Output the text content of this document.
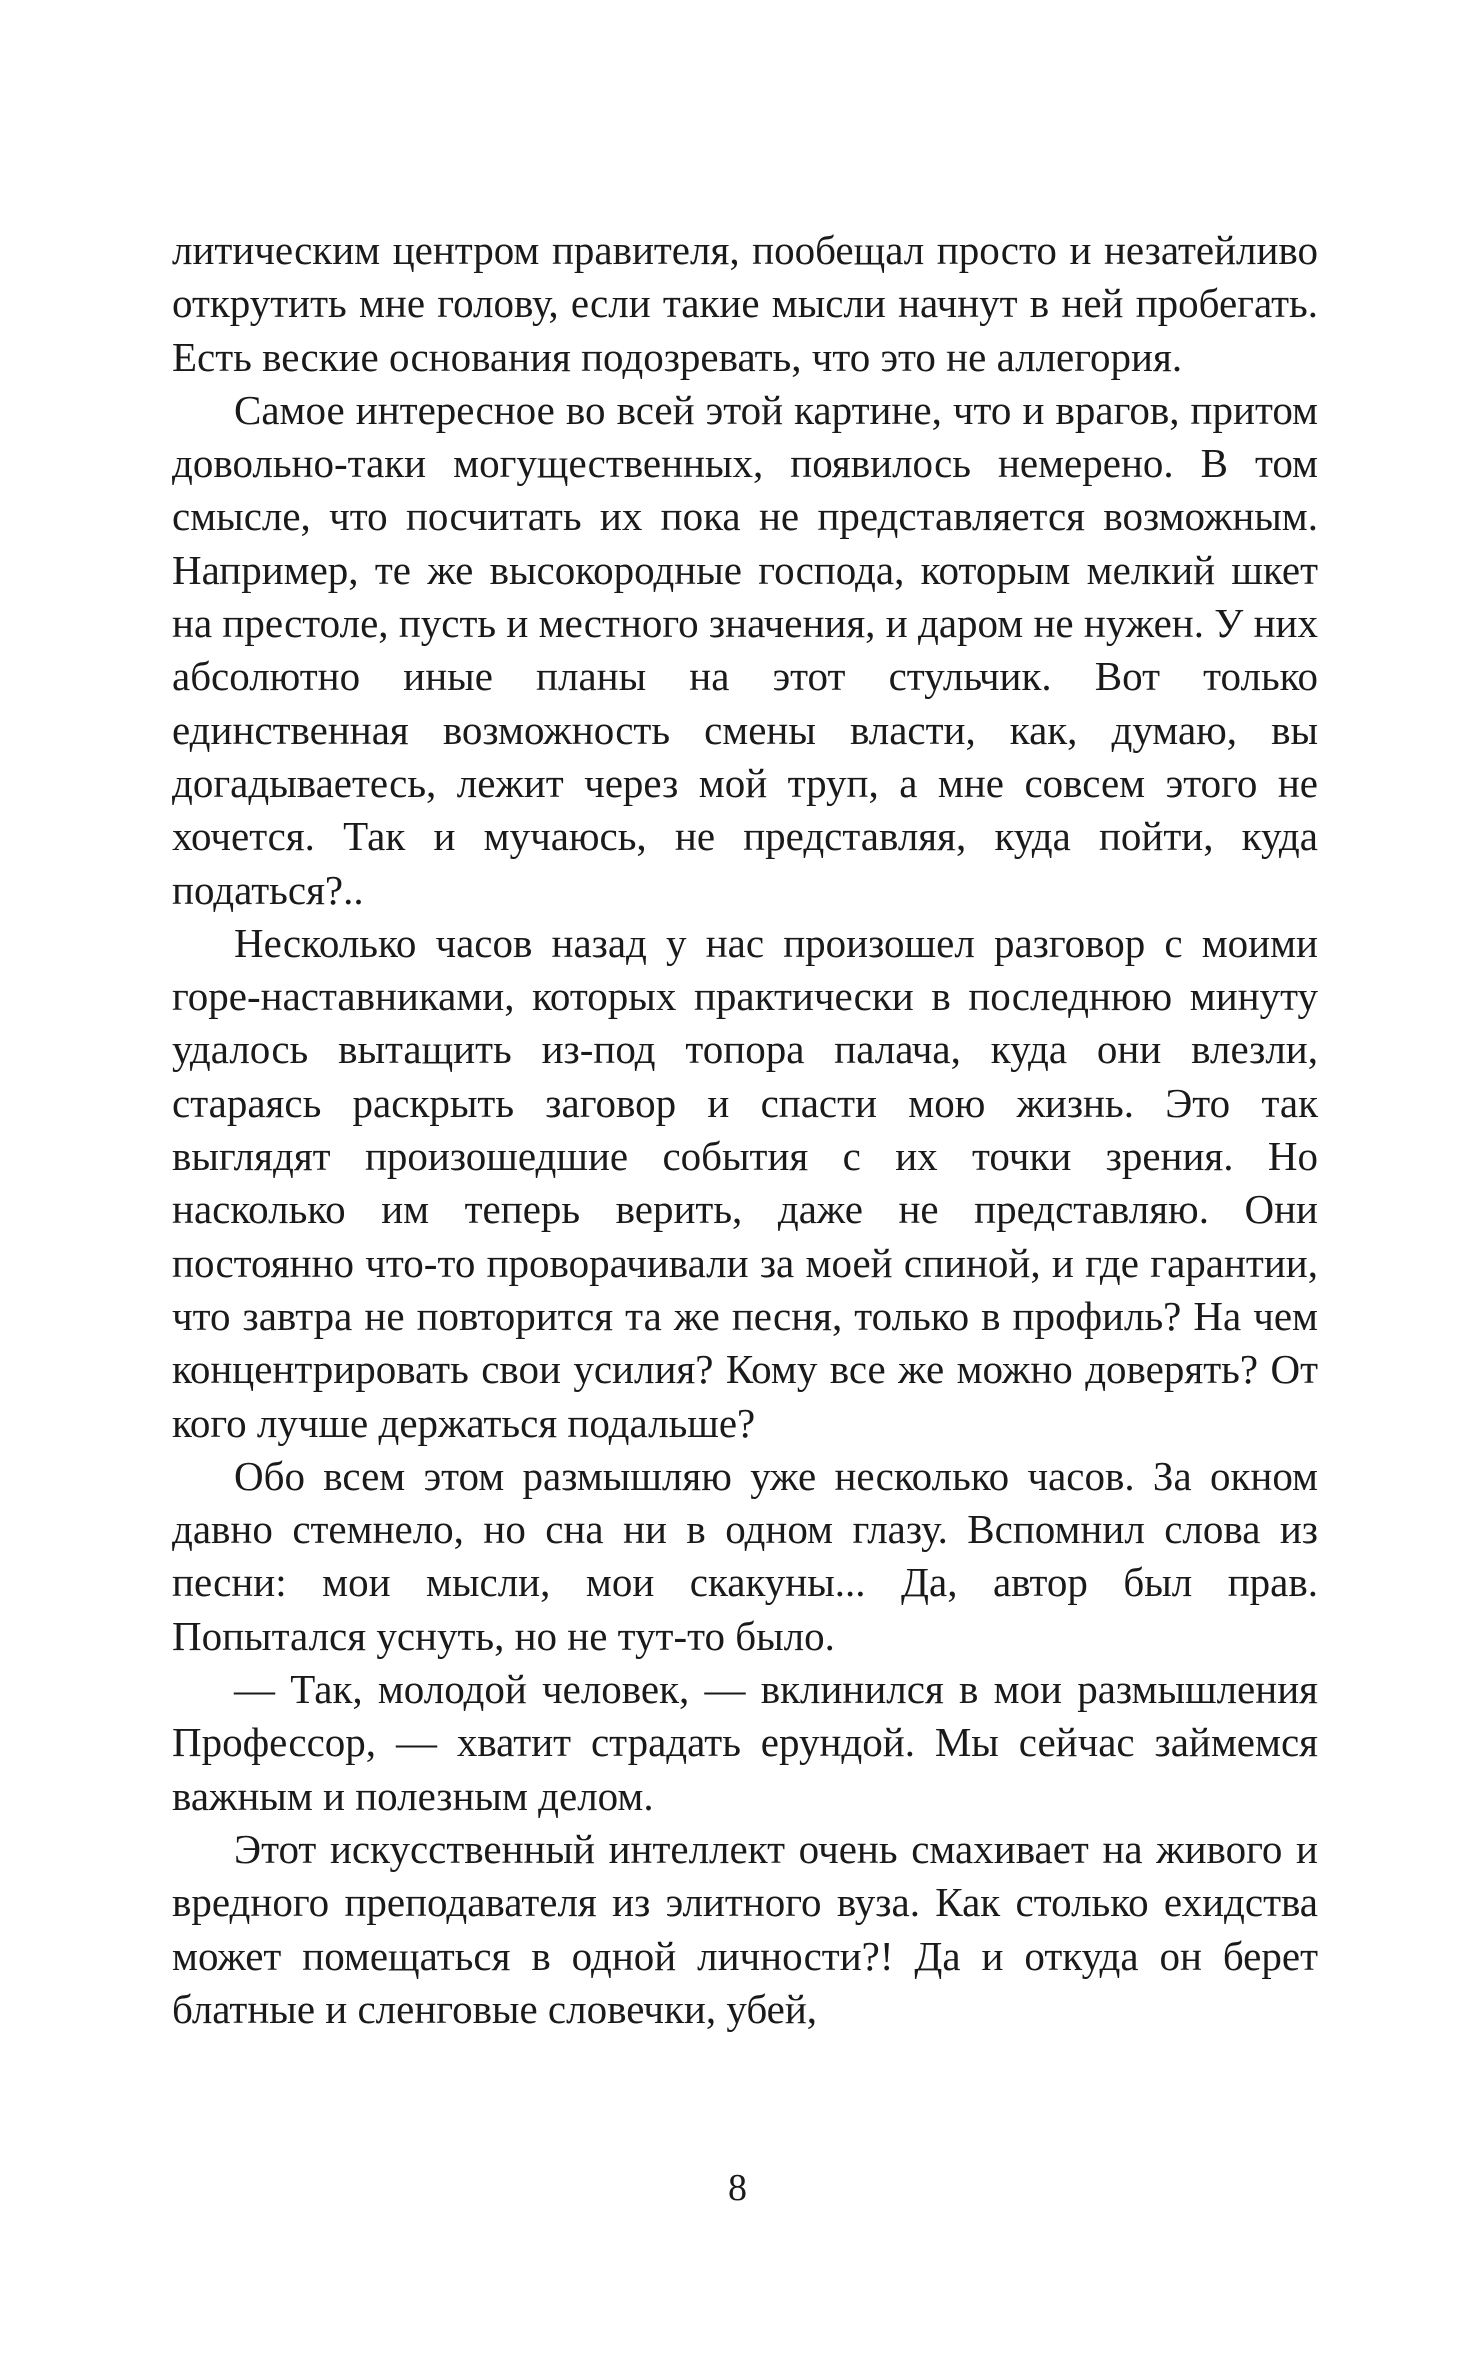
литическим центром правителя, пообещал просто и незатейливо открутить мне голову, если такие мысли начнут в ней пробегать. Есть веские основания подозревать, что это не аллегория.

Самое интересное во всей этой картине, что и врагов, притом довольно-таки могущественных, появилось немерено. В том смысле, что посчитать их пока не представляется возможным. Например, те же высокородные господа, которым мелкий шкет на престоле, пусть и местного значения, и даром не нужен. У них абсолютно иные планы на этот стульчик. Вот только единственная возможность смены власти, как, думаю, вы догадываетесь, лежит через мой труп, а мне совсем этого не хочется. Так и мучаюсь, не представляя, куда пойти, куда податься?..

Несколько часов назад у нас произошел разговор с моими горе-наставниками, которых практически в последнюю минуту удалось вытащить из-под топора палача, куда они влезли, стараясь раскрыть заговор и спасти мою жизнь. Это так выглядят произошедшие события с их точки зрения. Но насколько им теперь верить, даже не представляю. Они постоянно что-то проворачивали за моей спиной, и где гарантии, что завтра не повторится та же песня, только в профиль? На чем концентрировать свои усилия? Кому все же можно доверять? От кого лучше держаться подальше?

Обо всем этом размышляю уже несколько часов. За окном давно стемнело, но сна ни в одном глазу. Вспомнил слова из песни: мои мысли, мои скакуны... Да, автор был прав. Попытался уснуть, но не тут-то было.

— Так, молодой человек, — вклинился в мои размышления Профессор, — хватит страдать ерундой. Мы сейчас займемся важным и полезным делом.

Этот искусственный интеллект очень смахивает на живого и вредного преподавателя из элитного вуза. Как столько ехидства может помещаться в одной личности?! Да и откуда он берет блатные и сленговые словечки, убей,

8
